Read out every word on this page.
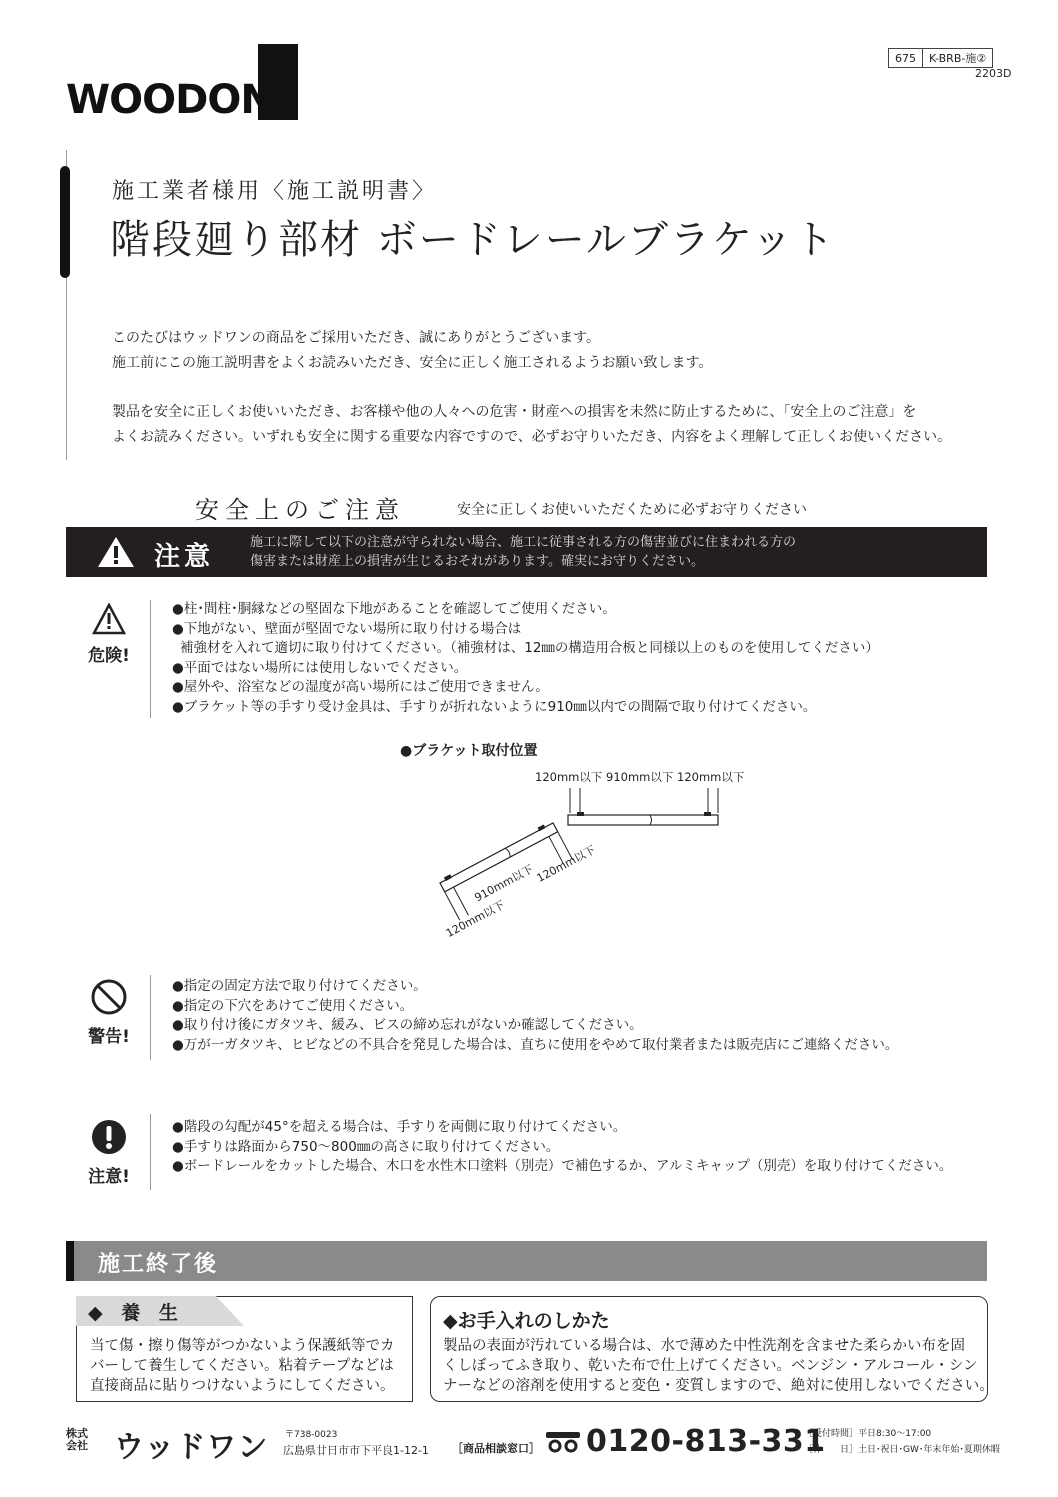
WOODONE
675	K-BRB-施②
2203D
施工業者様用〈施工説明書〉
階段廻り部材 ボードレールブラケット
このたびはウッドワンの商品をご採用いただき、誠にありがとうございます。
施工前にこの施工説明書をよくお読みいただき、安全に正しく施工されるようお願い致します。
製品を安全に正しくお使いいただき、お客様や他の人々への危害・財産への損害を未然に防止するために、「安全上のご注意」を
よくお読みください。いずれも安全に関する重要な内容ですので、必ずお守りいただき、内容をよく理解して正しくお使いください。
安全上のご注意	安全に正しくお使いいただくために必ずお守りください
注意	施工に際して以下の注意が守られない場合、施工に従事される方の傷害並びに住まわれる方の
傷害または財産上の損害が生じるおそれがあります。確実にお守りください。
危険!
●柱･間柱･胴縁などの堅固な下地があることを確認してご使用ください。
●下地がない、壁面が堅固でない場所に取り付ける場合は
補強材を入れて適切に取り付けてください。（補強材は、12㎜の構造用合板と同様以上のものを使用してください）
●平面ではない場所には使用しないでください。
●屋外や、浴室などの湿度が高い場所にはご使用できません。
●ブラケット等の手すり受け金具は、手すりが折れないように910㎜以内での間隔で取り付けてください。
●ブラケット取付位置
120mm以下 910mm以下 120mm以下
910mm以下 120mm以下
120mm以下
警告!
●指定の固定方法で取り付けてください。
●指定の下穴をあけてご使用ください。
●取り付け後にガタツキ、緩み、ビスの締め忘れがないか確認してください。
●万が一ガタツキ、ヒビなどの不具合を発見した場合は、直ちに使用をやめて取付業者または販売店にご連絡ください。
注意!
●階段の勾配が45°を超える場合は、手すりを両側に取り付けてください。
●手すりは路面から750～800㎜の高さに取り付けてください。
●ボードレールをカットした場合、木口を水性木口塗料（別売）で補色するか、アルミキャップ（別売）を取り付けてください。
施工終了後
◆ 養 生
当て傷・擦り傷等がつかないよう保護紙等でカ
バーして養生してください。粘着テープなどは
直接商品に貼りつけないようにしてください。
◆お手入れのしかた
製品の表面が汚れている場合は、水で薄めた中性洗剤を含ませた柔らかい布を固
くしぼってふき取り、乾いた布で仕上げてください。ベンジン・アルコール・シン
ナーなどの溶剤を使用すると変色・変質しますので、絶対に使用しないでください。
株式
会社 ウッドワン 〒738-0023
広島県廿日市市下平良1-12-1 ［商品相談窓口］ 0120-813-331
［受付時間］平日8:30～17:00
［休　　日］土日･祝日･GW･年末年始･夏期休暇
